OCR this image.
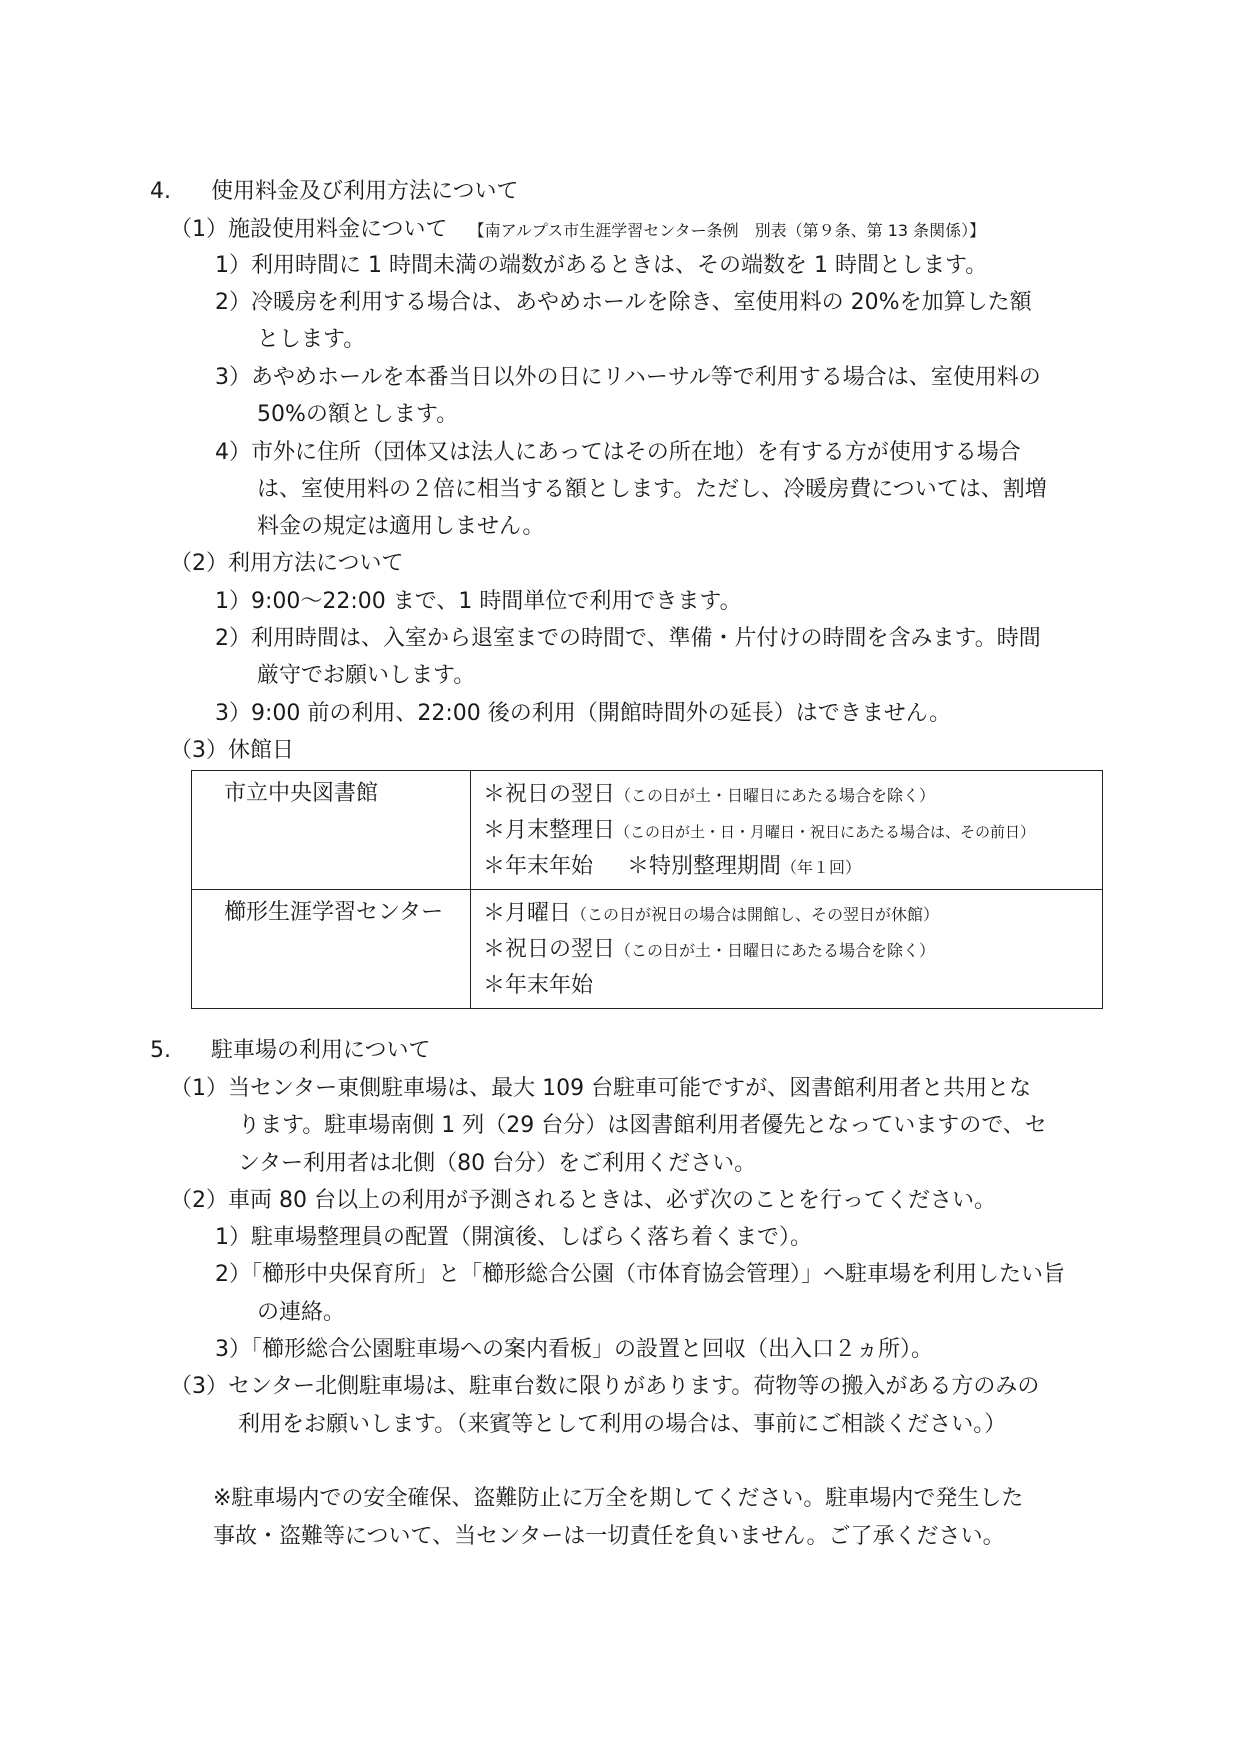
4. 使用料金及び利用方法について
（1）施設使用料金について 【南アルプス市生涯学習センター条例　別表（第９条、第 13 条関係）】
1）利用時間に 1 時間未満の端数があるときは、その端数を 1 時間とします。
2）冷暖房を利用する場合は、あやめホールを除き、室使用料の 20%を加算した額
とします。
3）あやめホールを本番当日以外の日にリハーサル等で利用する場合は、室使用料の
50%の額とします。
4）市外に住所（団体又は法人にあってはその所在地）を有する方が使用する場合
は、室使用料の２倍に相当する額とします。ただし、冷暖房費については、割増
料金の規定は適用しません。
（2）利用方法について
1）9:00～22:00 まで、1 時間単位で利用できます。
2）利用時間は、入室から退室までの時間で、準備・片付けの時間を含みます。時間
厳守でお願いします。
3）9:00 前の利用、22:00 後の利用（開館時間外の延長）はできません。
（3）休館日
市立中央図書館	＊祝日の翌日（この日が土・日曜日にあたる場合を除く）
＊月末整理日（この日が土・日・月曜日・祝日にあたる場合は、その前日）
＊年末年始 ＊特別整理期間（年１回）

櫛形生涯学習センター	＊月曜日（この日が祝日の場合は開館し、その翌日が休館）
＊祝日の翌日（この日が土・日曜日にあたる場合を除く）
＊年末年始
5. 駐車場の利用について
（1）当センター東側駐車場は、最大 109 台駐車可能ですが、図書館利用者と共用とな
ります。駐車場南側 1 列（29 台分）は図書館利用者優先となっていますので、セ
ンター利用者は北側（80 台分）をご利用ください。
（2）車両 80 台以上の利用が予測されるときは、必ず次のことを行ってください。
1）駐車場整理員の配置（開演後、しばらく落ち着くまで）。
2）「櫛形中央保育所」と「櫛形総合公園（市体育協会管理）」へ駐車場を利用したい旨
の連絡。
3）「櫛形総合公園駐車場への案内看板」の設置と回収（出入口２ヵ所）。
（3）センター北側駐車場は、駐車台数に限りがあります。荷物等の搬入がある方のみの
利用をお願いします。（来賓等として利用の場合は、事前にご相談ください。）
※駐車場内での安全確保、盗難防止に万全を期してください。駐車場内で発生した
事故・盗難等について、当センターは一切責任を負いません。ご了承ください。
